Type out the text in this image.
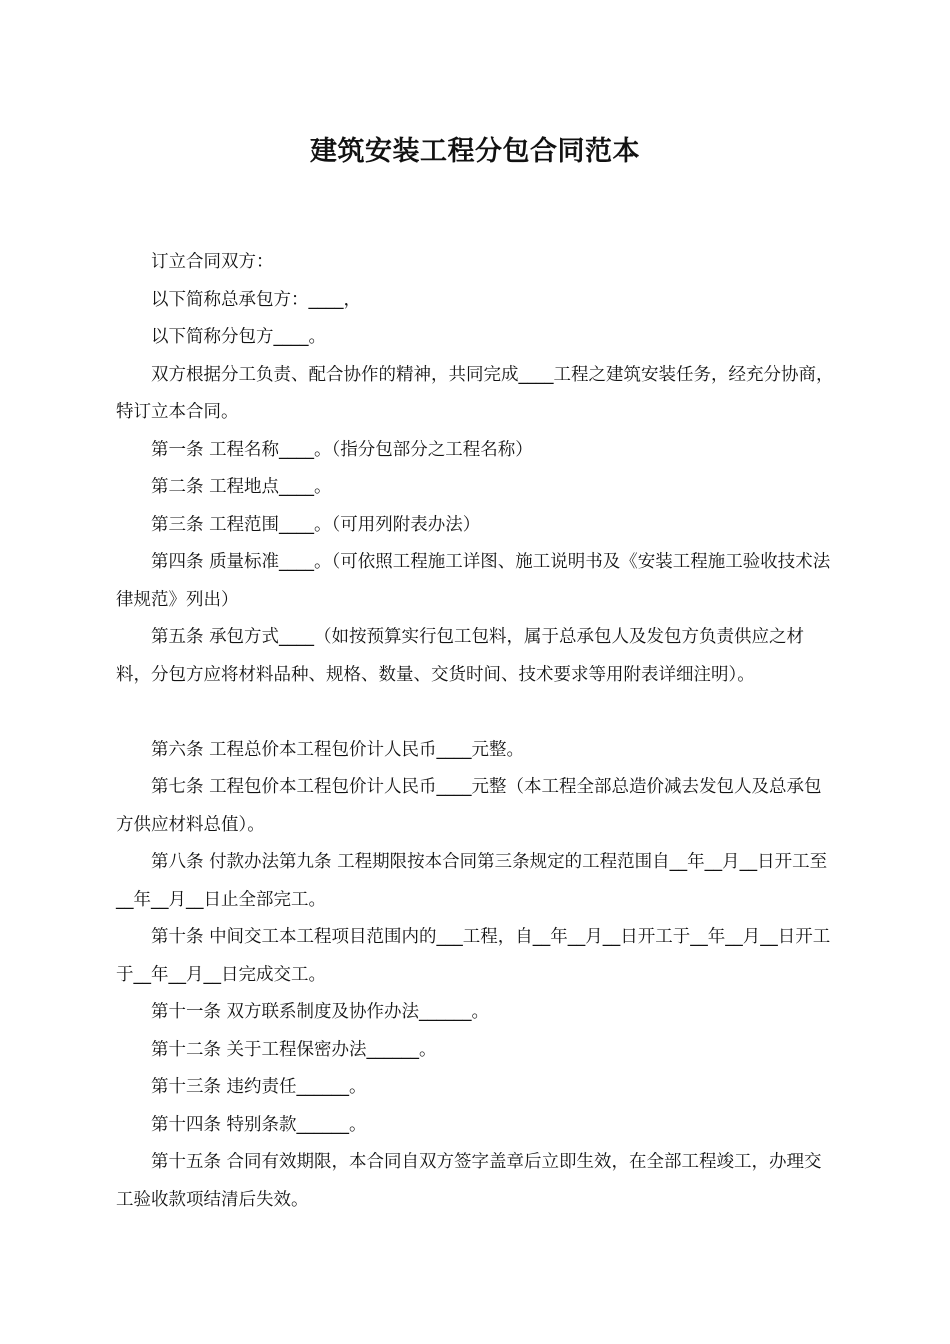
建筑安装工程分包合同范本

订立合同双方：

以下简称总承包方：____，

以下简称分包方____。

双方根据分工负责、配合协作的精神，共同完成____工程之建筑安装任务，经充分协商，特订立本合同。

第一条 工程名称____。（指分包部分之工程名称）

第二条 工程地点____。

第三条 工程范围____。（可用列附表办法）

第四条 质量标准____。（可依照工程施工详图、施工说明书及《安装工程施工验收技术法律规范》列出）

第五条 承包方式____（如按预算实行包工包料，属于总承包人及发包方负责供应之材料，分包方应将材料品种、规格、数量、交货时间、技术要求等用附表详细注明）。

第六条 工程总价本工程包价计人民币____元整。

第七条 工程包价本工程包价计人民币____元整（本工程全部总造价减去发包人及总承包方供应材料总值）。

第八条 付款办法第九条 工程期限按本合同第三条规定的工程范围自__年__月__日开工至__年__月__日止全部完工。

第十条 中间交工本工程项目范围内的___工程，自__年__月__日开工于__年__月__日开工于__年__月__日完成交工。

第十一条 双方联系制度及协作办法______。

第十二条 关于工程保密办法______。

第十三条 违约责任______。

第十四条 特别条款______。

第十五条 合同有效期限，本合同自双方签字盖章后立即生效，在全部工程竣工，办理交工验收款项结清后失效。
